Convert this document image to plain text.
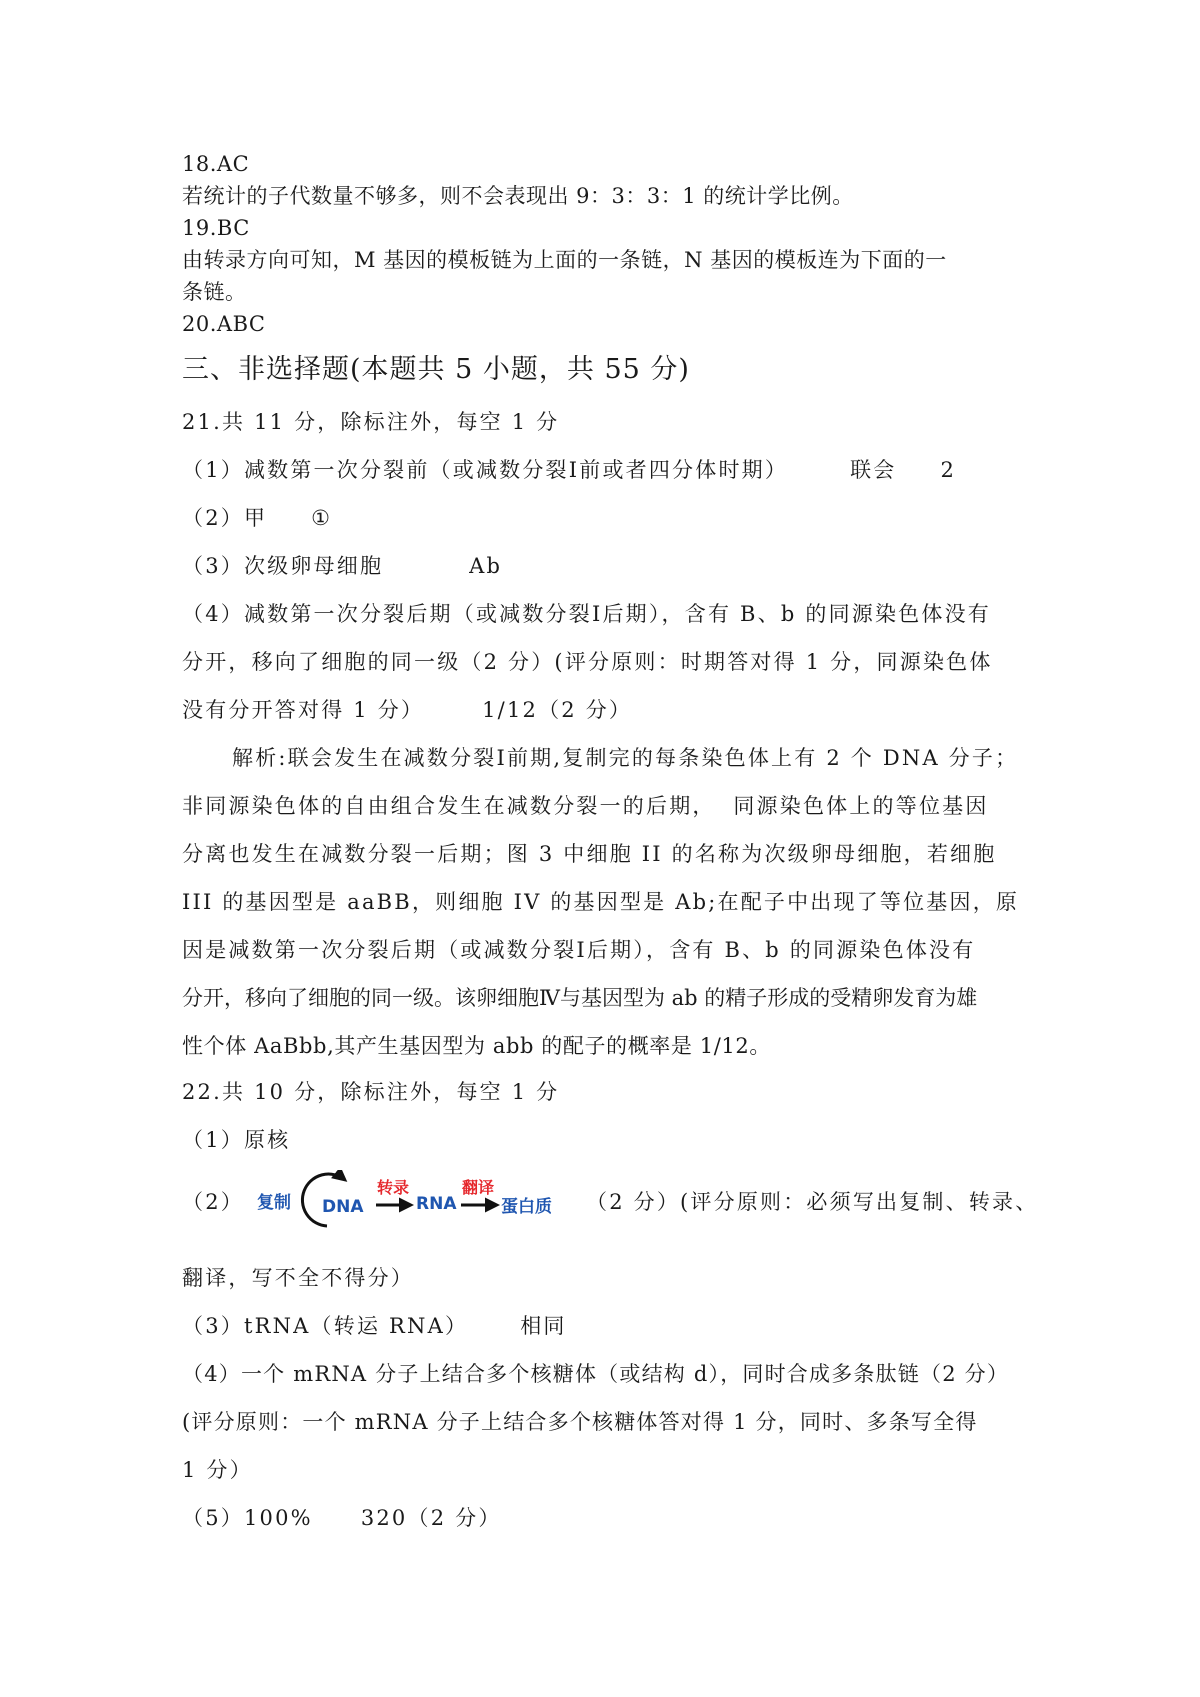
18.AC
若统计的子代数量不够多，则不会表现出 9：3：3：1 的统计学比例。
19.BC
由转录方向可知，M 基因的模板链为上面的一条链，N 基因的模板连为下面的一
条链。
20.ABC
三、非选择题(本题共 5 小题，共 55 分)
21.共 11 分，除标注外，每空 1 分
（1）减数第一次分裂前（或减数分裂Ⅰ前或者四分体时期）	联会 2
（2）甲 ①
（3）次级卵母细胞	Ab
（4）减数第一次分裂后期（或减数分裂Ⅰ后期），含有 B、b 的同源染色体没有
分开，移向了细胞的同一级（2 分）(评分原则：时期答对得 1 分，同源染色体
没有分开答对得 1 分）	1/12（2 分）
解析:联会发生在减数分裂Ⅰ前期,复制完的每条染色体上有 2 个 DNA 分子；
非同源染色体的自由组合发生在减数分裂一的后期，  同源染色体上的等位基因
分离也发生在减数分裂一后期；图 3 中细胞 II 的名称为次级卵母细胞，若细胞
III 的基因型是 aaBB，则细胞 IV 的基因型是 Ab;在配子中出现了等位基因，原
因是减数第一次分裂后期（或减数分裂Ⅰ后期），含有 B、b 的同源染色体没有
分开，移向了细胞的同一级。该卵细胞Ⅳ与基因型为 ab 的精子形成的受精卵发育为雄
性个体 AaBbb,其产生基因型为 abb 的配子的概率是 1/12。
22.共 10 分，除标注外，每空 1 分
（1）原核
（2） 复制 DNA
转录
RNA
翻译
蛋白质 （2 分）(评分原则：必须写出复制、转录、
翻译，写不全不得分）
（3）tRNA（转运 RNA） 相同
（4）一个 mRNA 分子上结合多个核糖体（或结构 d），同时合成多条肽链（2 分）
(评分原则：一个 mRNA 分子上结合多个核糖体答对得 1 分，同时、多条写全得
1 分）
（5）100% 320（2 分）
